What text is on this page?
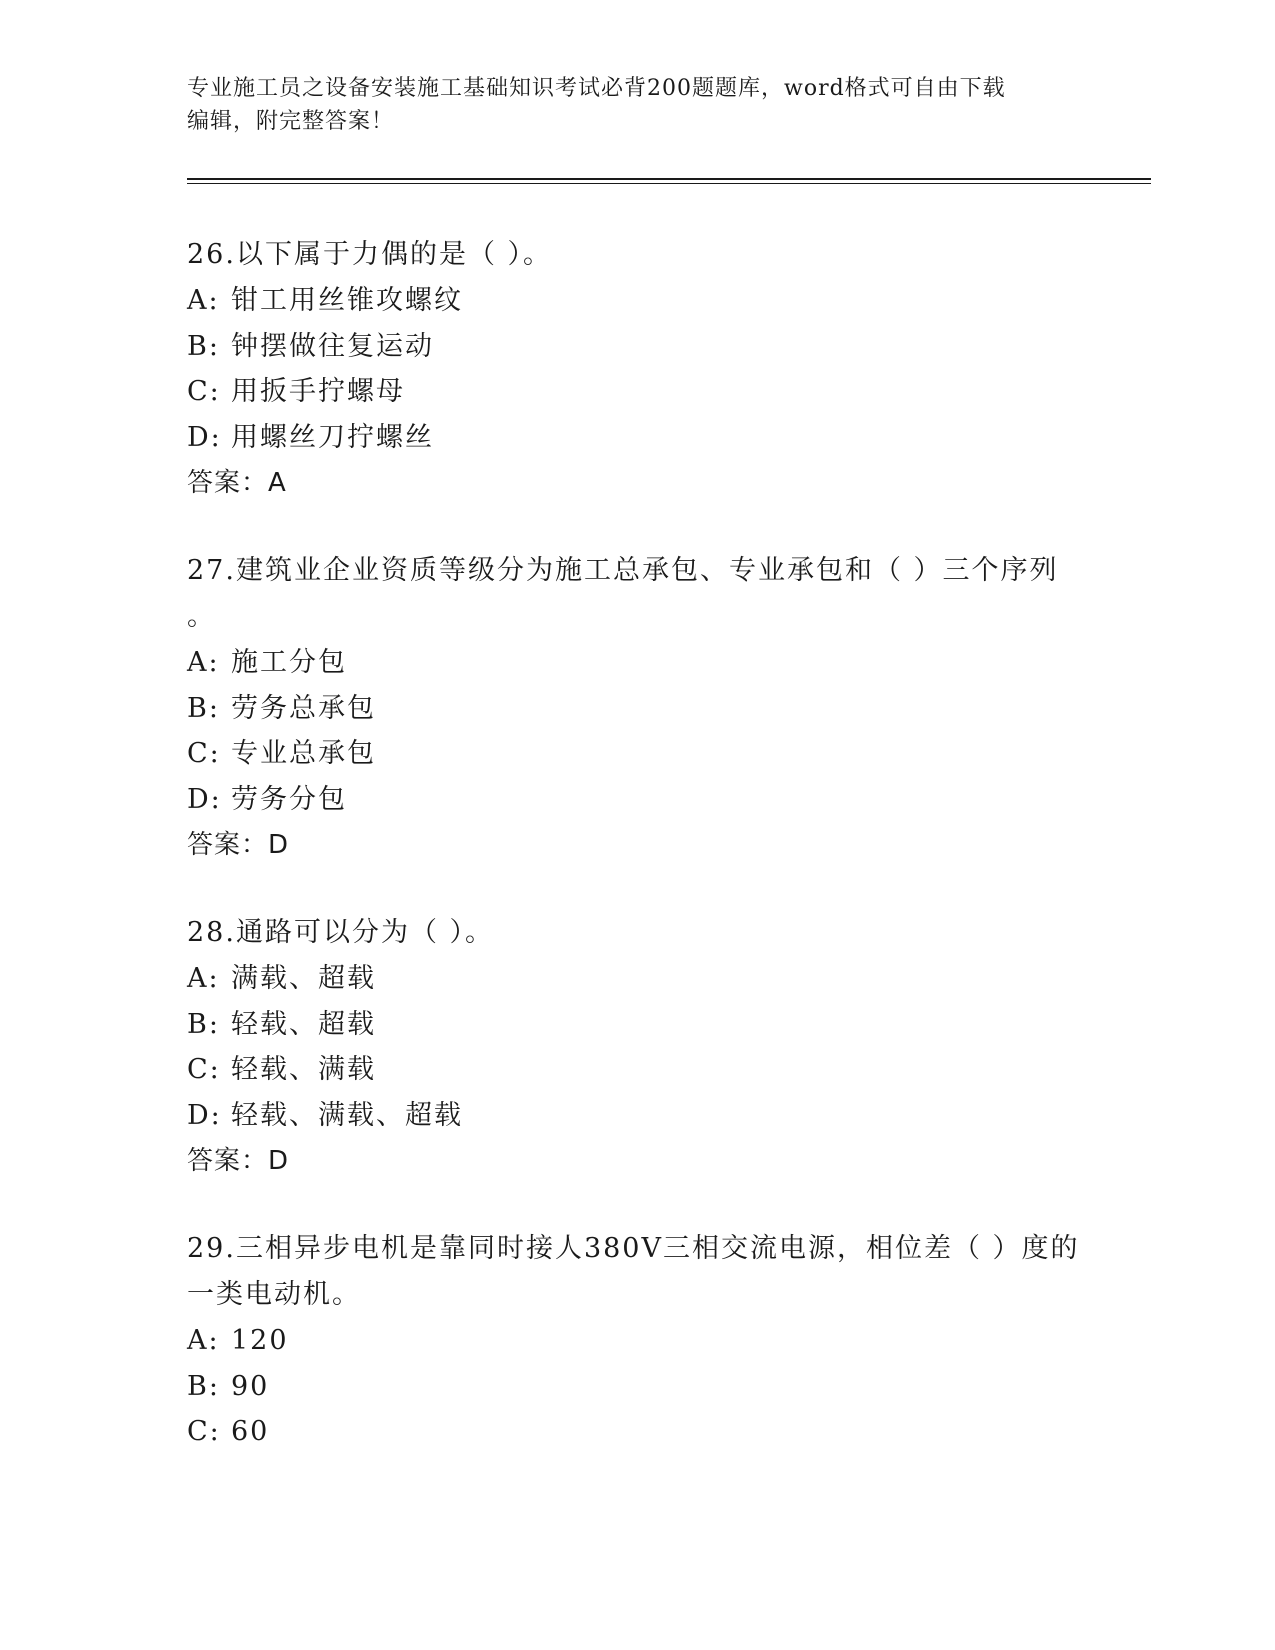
专业施工员之设备安装施工基础知识考试必背200题题库，word格式可自由下载
编辑，附完整答案！

26.以下属于力偶的是（ ）。

A: 钳工用丝锥攻螺纹

B: 钟摆做往复运动

C: 用扳手拧螺母

D: 用螺丝刀拧螺丝

答案：A

27.建筑业企业资质等级分为施工总承包、专业承包和（ ）三个序列

。

A: 施工分包

B: 劳务总承包

C: 专业总承包

D: 劳务分包

答案：D

28.通路可以分为（ ）。

A: 满载、超载

B: 轻载、超载

C: 轻载、满载

D: 轻载、满载、超载

答案：D

29.三相异步电机是靠同时接人380V三相交流电源，相位差（ ）度的

一类电动机。

A: 120

B: 90

C: 60
